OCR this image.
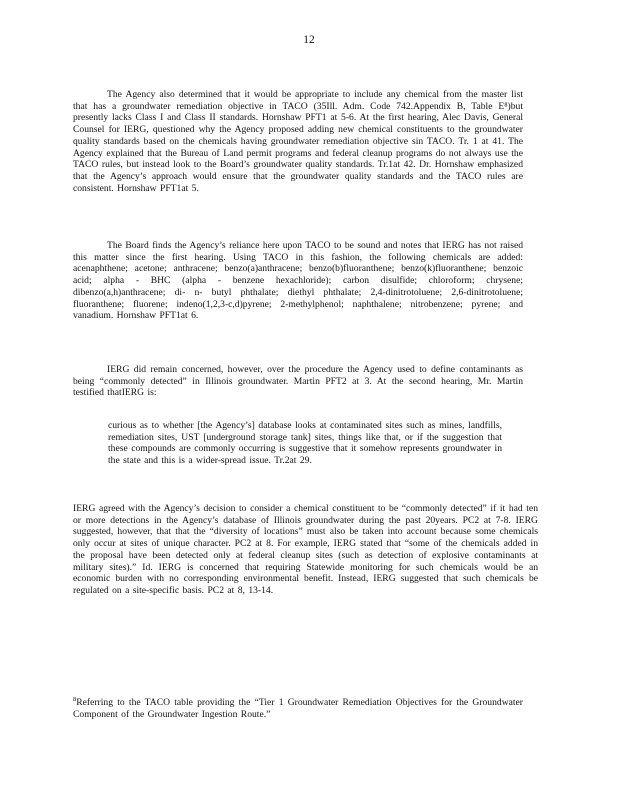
12

The Agency also determined that it would be appropriate to include any chemical from the master list that has a groundwater remediation objective in TACO (35Ill. Adm. Code 742.Appendix B, Table E⁸)but presently lacks Class I and Class II standards. Hornshaw PFT1 at 5-6. At the first hearing, Alec Davis, General Counsel for IERG, questioned why the Agency proposed adding new chemical constituents to the groundwater quality standards based on the chemicals having groundwater remediation objective sin TACO. Tr. 1 at 41. The Agency explained that the Bureau of Land permit programs and federal cleanup programs do not always use the TACO rules, but instead look to the Board’s groundwater quality standards. Tr.1at 42. Dr. Hornshaw emphasized that the Agency’s approach would ensure that the groundwater quality standards and the TACO rules are consistent. Hornshaw PFT1at 5.

The Board finds the Agency’s reliance here upon TACO to be sound and notes that IERG has not raised this matter since the first hearing. Using TACO in this fashion, the following chemicals are added: acenaphthene; acetone; anthracene; benzo(a)anthracene; benzo(b)fluoranthene; benzo(k)fluoranthene; benzoic acid; alpha - BHC (alpha - benzene hexachloride); carbon disulfide; chloroform; chrysene; dibenzo(a,h)anthracene; di- n- butyl phthalate; diethyl phthalate; 2,4-dinitrotoluene; 2,6-dinitrotoluene; fluoranthene; fluorene; indeno(1,2,3-c,d)pyrene; 2-methylphenol; naphthalene; nitrobenzene; pyrene; and vanadium. Hornshaw PFT1at 6.

IERG did remain concerned, however, over the procedure the Agency used to define contaminants as being “commonly detected” in Illinois groundwater. Martin PFT2 at 3. At the second hearing, Mr. Martin testified thatIERG is:

curious as to whether [the Agency’s] database looks at contaminated sites such as mines, landfills, remediation sites, UST [underground storage tank] sites, things like that, or if the suggestion that these compounds are commonly occurring is suggestive that it somehow represents groundwater in the state and this is a wider-spread issue. Tr.2at 29.

IERG agreed with the Agency’s decision to consider a chemical constituent to be “commonly detected” if it had ten or more detections in the Agency’s database of Illinois groundwater during the past 20years. PC2 at 7-8. IERG suggested, however, that that the “diversity of locations” must also be taken into account because some chemicals only occur at sites of unique character. PC2 at 8. For example, IERG stated that “some of the chemicals added in the proposal have been detected only at federal cleanup sites (such as detection of explosive contaminants at military sites).” Id. IERG is concerned that requiring Statewide monitoring for such chemicals would be an economic burden with no corresponding environmental benefit. Instead, IERG suggested that such chemicals be regulated on a site-specific basis. PC2 at 8, 13-14.

$^8$Referring to the TACO table providing the “Tier 1 Groundwater Remediation Objectives for the Groundwater Component of the Groundwater Ingestion Route.”
